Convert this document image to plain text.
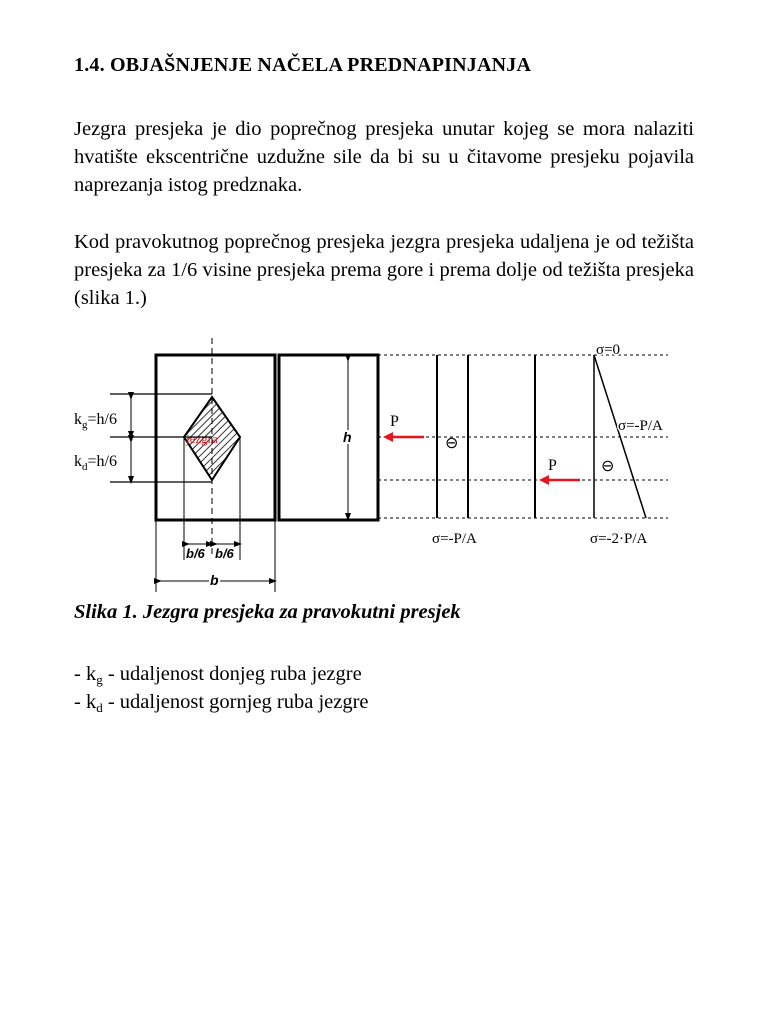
1.4. OBJAŠNJENJE NAČELA PREDNAPINJANJA

Jezgra presjeka je dio poprečnog presjeka unutar kojeg se mora nalaziti hvatište ekscentrične uzdužne sile da bi su u čitavome presjeku pojavila naprezanja istog predznaka.

Kod pravokutnog poprečnog presjeka jezgra presjeka udaljena je od težišta presjeka za 1/6 visine presjeka prema gore i prema dolje od težišta presjeka (slika 1.)

jezgra
$k_g=h/6$
$k_d=h/6$
b/6 b/6
b
h	⊖
σ=-P/A
P
P	⊖
σ=0
σ=-P/A
σ=-2·P/A

Slika 1. Jezgra presjeka za pravokutni presjek

- $k_g$ - udaljenost donjeg ruba jezgre
- $k_d$ - udaljenost gornjeg ruba jezgre
